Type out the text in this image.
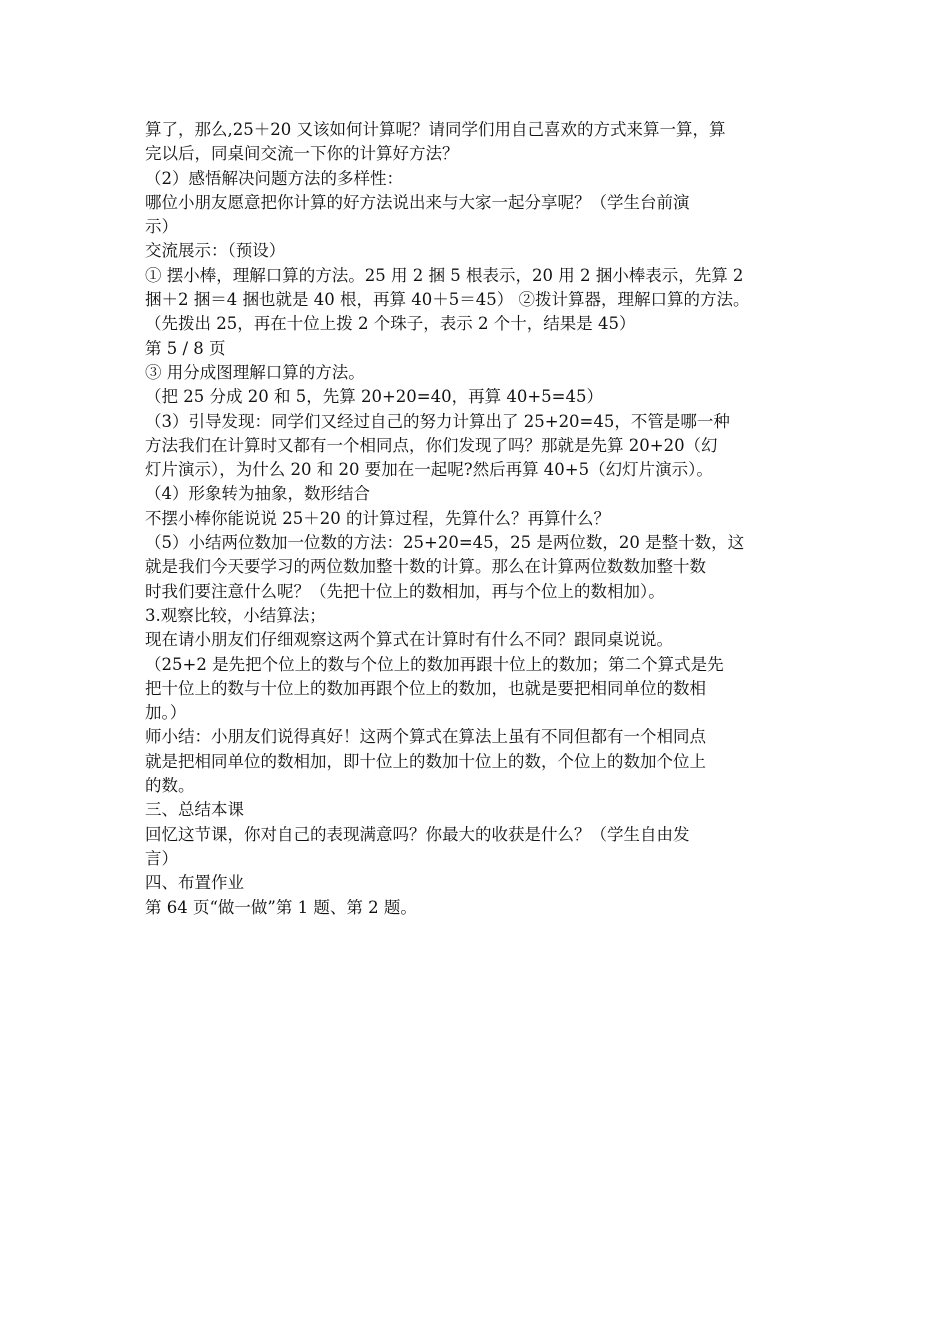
算了，那么,25＋20 又该如何计算呢？请同学们用自己喜欢的方式来算一算，算
完以后，同桌间交流一下你的计算好方法？
（2）感悟解决问题方法的多样性：
哪位小朋友愿意把你计算的好方法说出来与大家一起分享呢？（学生台前演
示）
交流展示：（预设）
① 摆小棒，理解口算的方法。25 用 2 捆 5 根表示，20 用 2 捆小棒表示，先算 2
捆＋2 捆＝4 捆也就是 40 根，再算 40＋5＝45） ②拨计算器，理解口算的方法。
（先拨出 25，再在十位上拨 2 个珠子，表示 2 个十，结果是 45）
第 5 / 8 页
③ 用分成图理解口算的方法。
（把 25 分成 20 和 5，先算 20+20=40，再算 40+5=45）
（3）引导发现：同学们又经过自己的努力计算出了 25+20=45，不管是哪一种
方法我们在计算时又都有一个相同点，你们发现了吗？那就是先算 20+20（幻
灯片演示），为什么 20 和 20 要加在一起呢?然后再算 40+5（幻灯片演示）。
（4）形象转为抽象，数形结合
不摆小棒你能说说 25＋20 的计算过程，先算什么？再算什么？
（5）小结两位数加一位数的方法：25+20=45，25 是两位数，20 是整十数，这
就是我们今天要学习的两位数加整十数的计算。那么在计算两位数数加整十数
时我们要注意什么呢？（先把十位上的数相加，再与个位上的数相加）。
3.观察比较，小结算法；
现在请小朋友们仔细观察这两个算式在计算时有什么不同？跟同桌说说。
（25+2 是先把个位上的数与个位上的数加再跟十位上的数加；第二个算式是先
把十位上的数与十位上的数加再跟个位上的数加，也就是要把相同单位的数相
加。）
师小结：小朋友们说得真好！这两个算式在算法上虽有不同但都有一个相同点
就是把相同单位的数相加，即十位上的数加十位上的数，个位上的数加个位上
的数。
三、总结本课
回忆这节课，你对自己的表现满意吗？你最大的收获是什么？（学生自由发
言）
四、布置作业
第 64 页“做一做”第 1 题、第 2 题。
